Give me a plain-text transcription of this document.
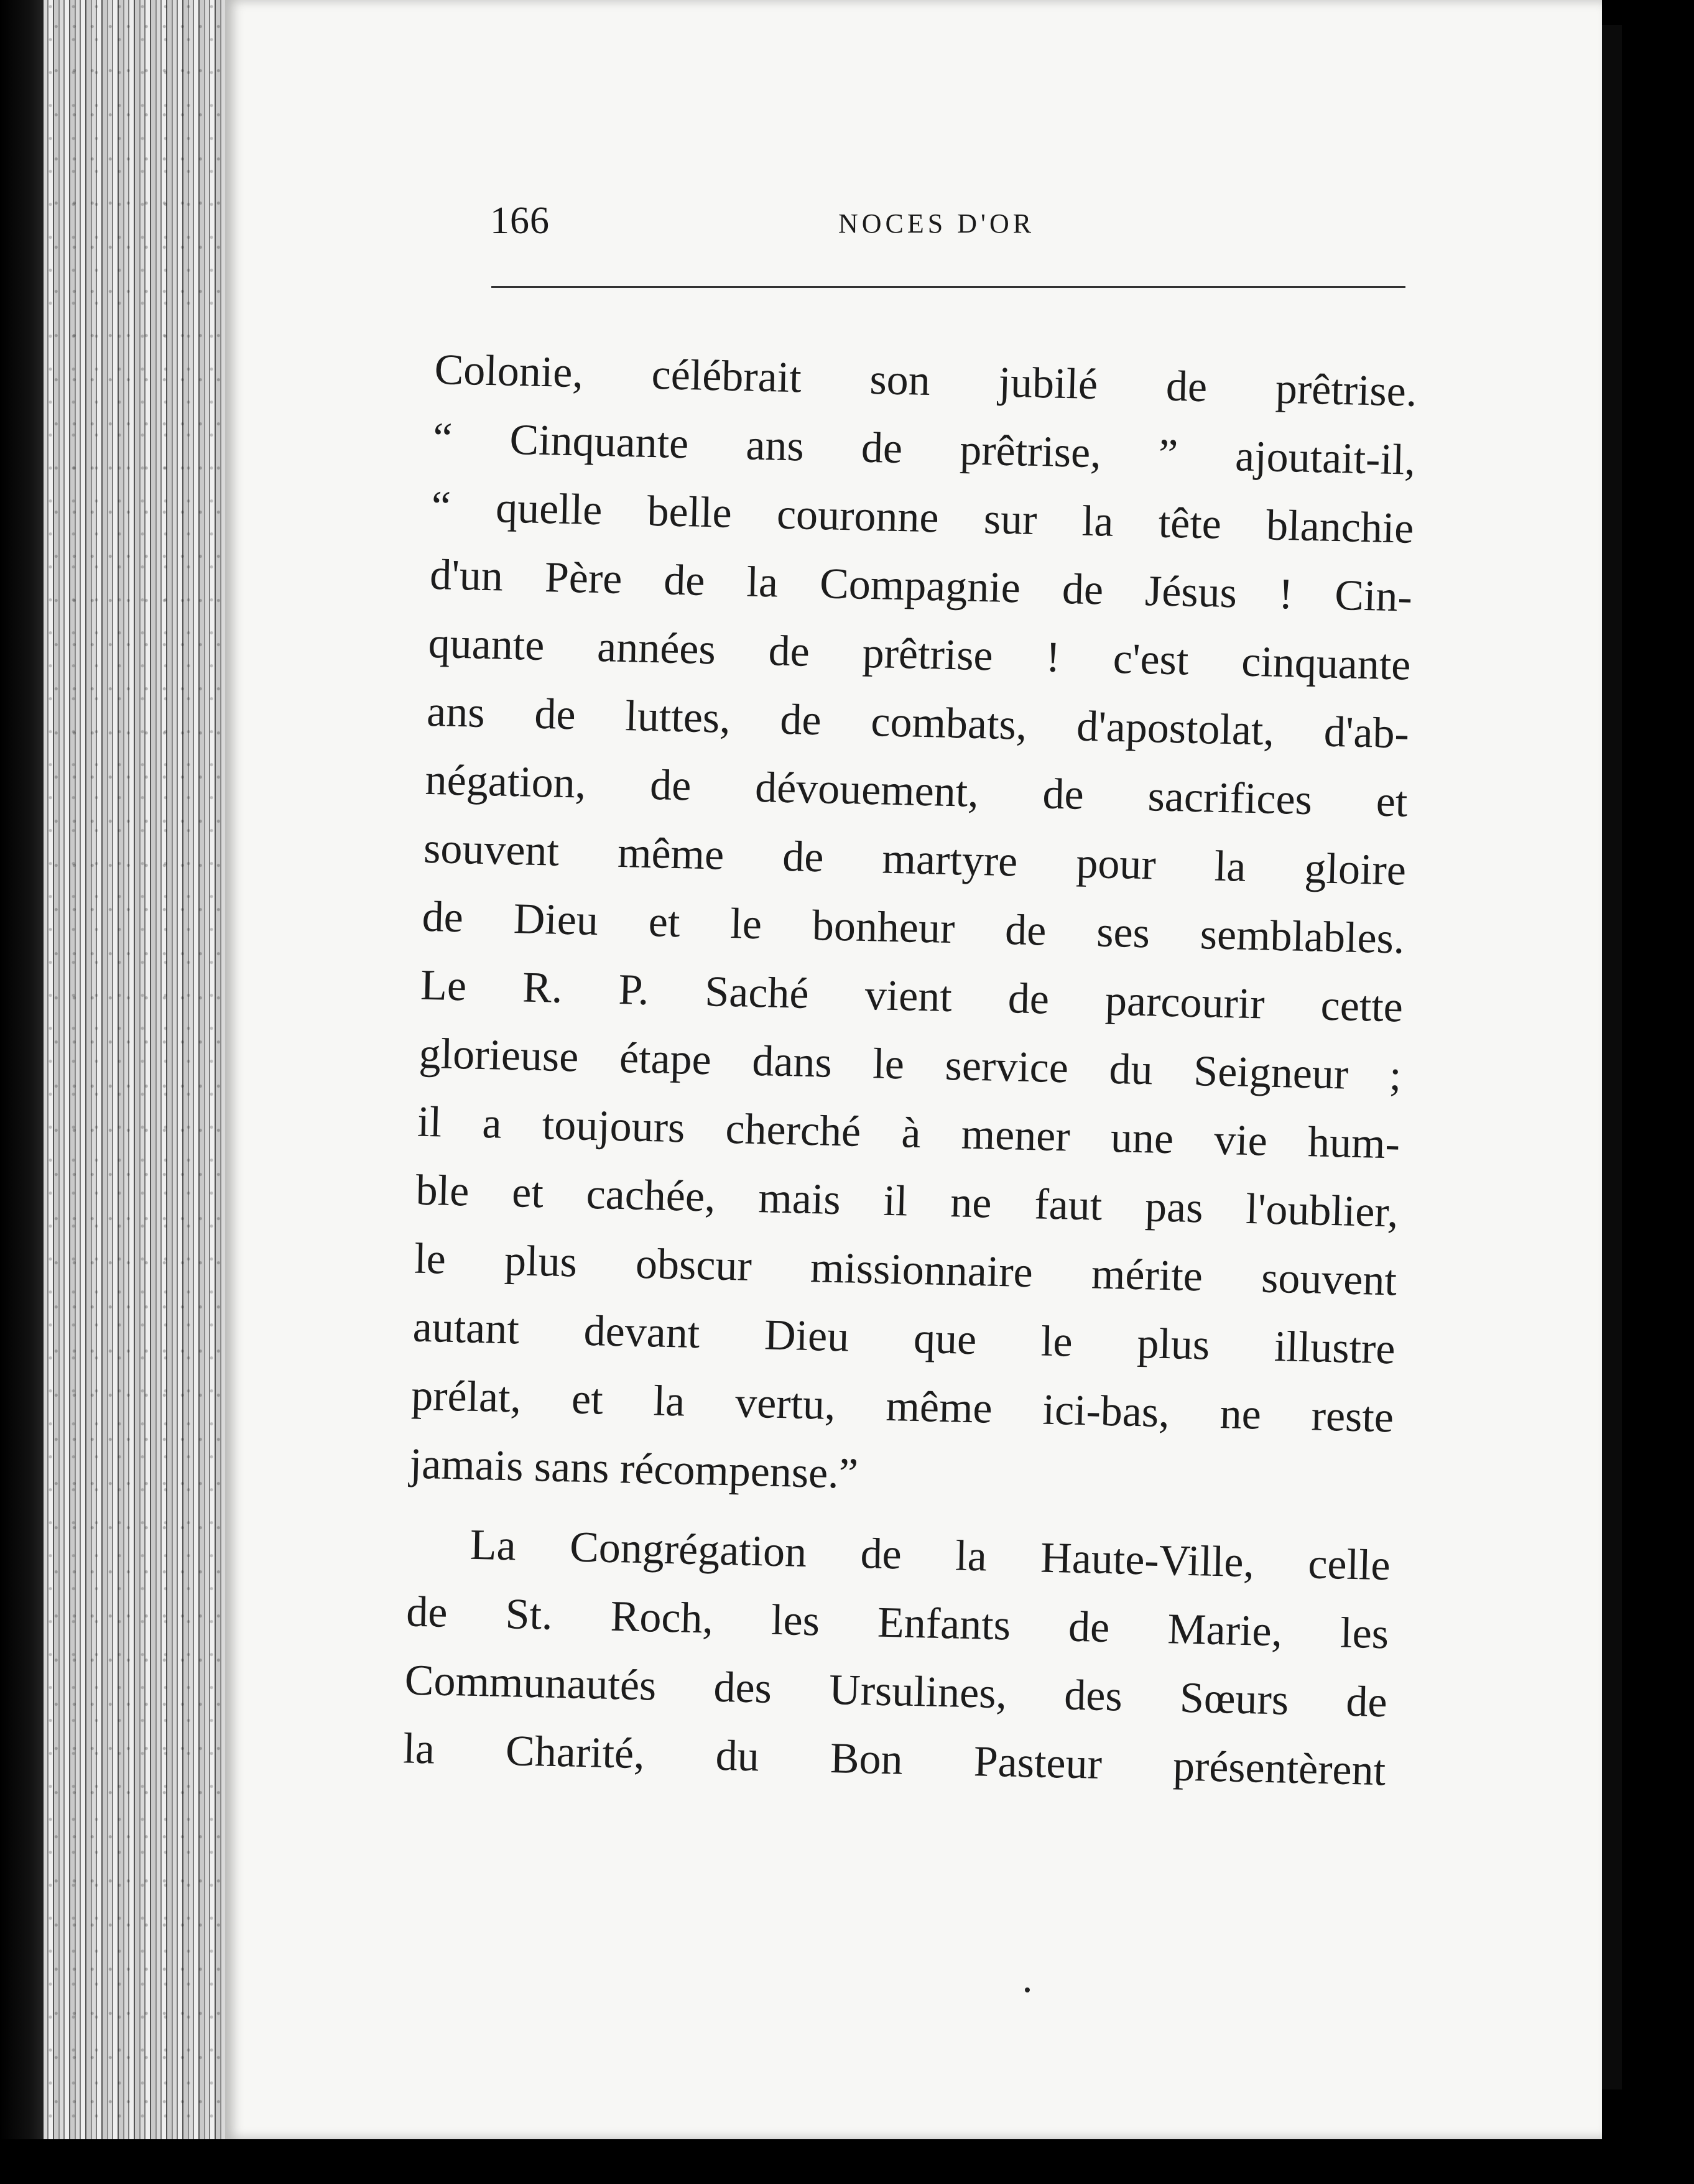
166	NOCES D'OR
Colonie, célébrait son jubilé de prêtrise.
“ Cinquante ans de prêtrise, ” ajoutait-il,
“ quelle belle couronne sur la tête blanchie
d'un Père de la Compagnie de Jésus ! Cin-
quante années de prêtrise ! c'est cinquante
ans de luttes, de combats, d'apostolat, d'ab-
négation, de dévouement, de sacrifices et
souvent même de martyre pour la gloire
de Dieu et le bonheur de ses semblables.
Le R. P. Saché vient de parcourir cette
glorieuse étape dans le service du Seigneur ;
il a toujours cherché à mener une vie hum-
ble et cachée, mais il ne faut pas l'oublier,
le plus obscur missionnaire mérite souvent
autant devant Dieu que le plus illustre
prélat, et la vertu, même ici-bas, ne reste
jamais sans récompense.”
La Congrégation de la Haute-Ville, celle
de St. Roch, les Enfants de Marie, les
Communautés des Ursulines, des Sœurs de
la Charité, du Bon Pasteur présentèrent
